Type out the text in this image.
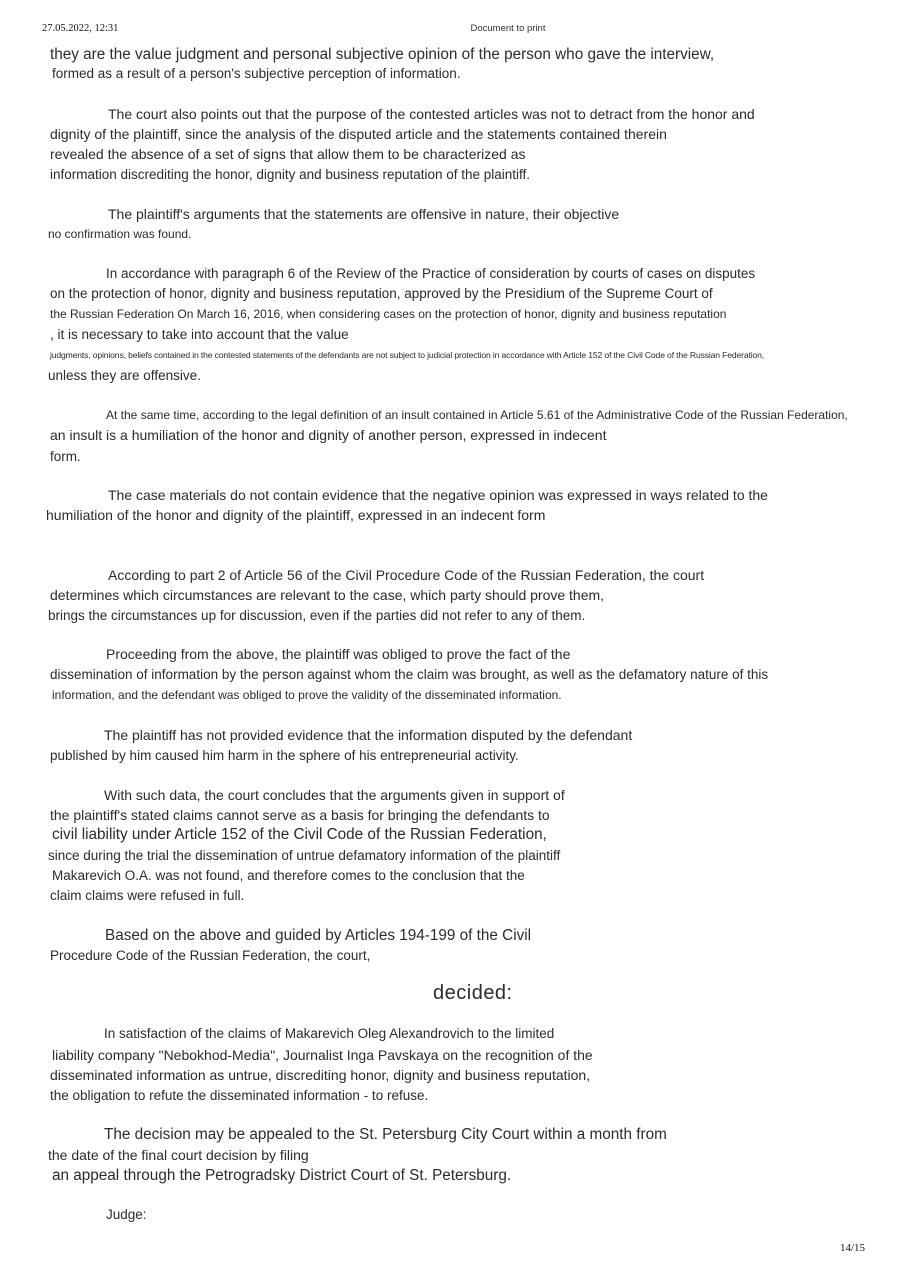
27.05.2022, 12:31	Document to print
they are the value judgment and personal subjective opinion of the person who gave the interview,
formed as a result of a person's subjective perception of information.
The court also points out that the purpose of the contested articles was not to detract from the honor and
dignity of the plaintiff, since the analysis of the disputed article and the statements contained therein
revealed the absence of a set of signs that allow them to be characterized as
information discrediting the honor, dignity and business reputation of the plaintiff.
The plaintiff's arguments that the statements are offensive in nature, their objective
no confirmation was found.
In accordance with paragraph 6 of the Review of the Practice of consideration by courts of cases on disputes
on the protection of honor, dignity and business reputation, approved by the Presidium of the Supreme Court of
the Russian Federation On March 16, 2016, when considering cases on the protection of honor, dignity and business reputation
, it is necessary to take into account that the value
judgments, opinions, beliefs contained in the contested statements of the defendants are not subject to judicial protection in accordance with Article 152 of the Civil Code of the Russian Federation,
unless they are offensive.
At the same time, according to the legal definition of an insult contained in Article 5.61 of the Administrative Code of the Russian Federation,
an insult is a humiliation of the honor and dignity of another person, expressed in indecent
form.
The case materials do not contain evidence that the negative opinion was expressed in ways related to the
humiliation of the honor and dignity of the plaintiff, expressed in an indecent form
According to part 2 of Article 56 of the Civil Procedure Code of the Russian Federation, the court
determines which circumstances are relevant to the case, which party should prove them,
brings the circumstances up for discussion, even if the parties did not refer to any of them.
Proceeding from the above, the plaintiff was obliged to prove the fact of the
dissemination of information by the person against whom the claim was brought, as well as the defamatory nature of this
information, and the defendant was obliged to prove the validity of the disseminated information.
The plaintiff has not provided evidence that the information disputed by the defendant
published by him caused him harm in the sphere of his entrepreneurial activity.
With such data, the court concludes that the arguments given in support of
the plaintiff's stated claims cannot serve as a basis for bringing the defendants to
civil liability under Article 152 of the Civil Code of the Russian Federation,
since during the trial the dissemination of untrue defamatory information of the plaintiff
Makarevich O.A. was not found, and therefore comes to the conclusion that the
claim claims were refused in full.
Based on the above and guided by Articles 194-199 of the Civil
Procedure Code of the Russian Federation, the court,
decided:
In satisfaction of the claims of Makarevich Oleg Alexandrovich to the limited
liability company "Nebokhod-Media", Journalist Inga Pavskaya on the recognition of the
disseminated information as untrue, discrediting honor, dignity and business reputation,
the obligation to refute the disseminated information - to refuse.
The decision may be appealed to the St. Petersburg City Court within a month from
the date of the final court decision by filing
an appeal through the Petrogradsky District Court of St. Petersburg.
Judge:
14/15
